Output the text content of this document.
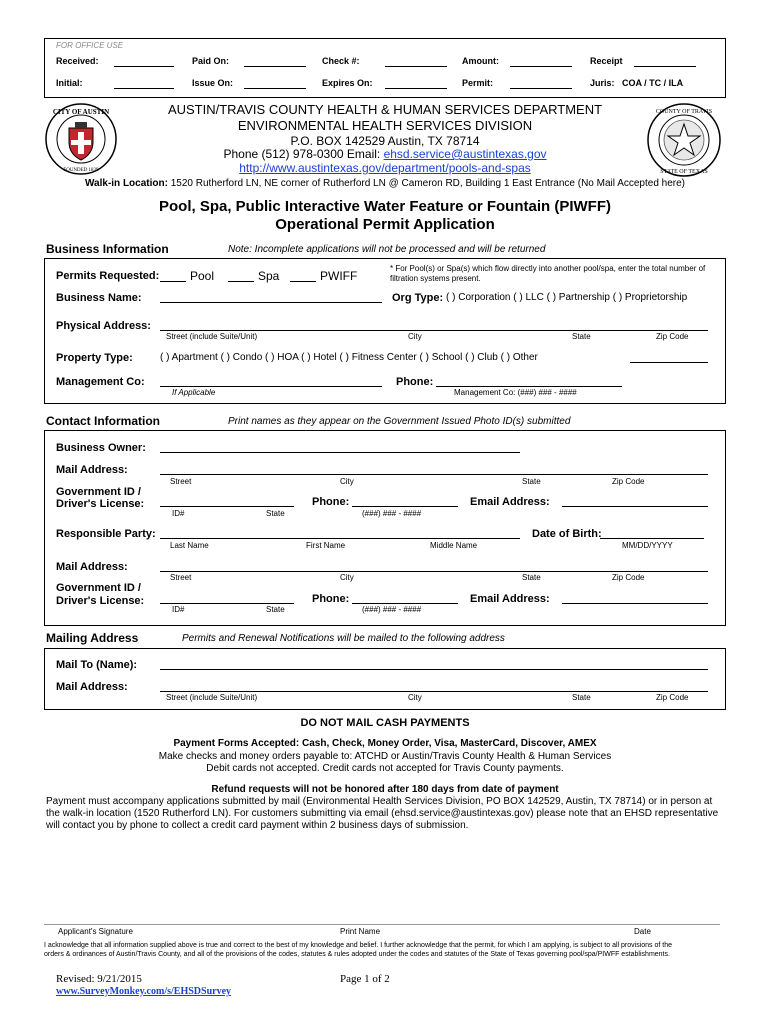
FOR OFFICE USE
Received:	Paid On:	Check #:	Amount:	Receipt
Initial:	Issue On:	Expires On:	Permit:	Juris: COA / TC / ILA
CITY OF AUSTIN
FOUNDED 1839
COUNTY OF TRAVIS
STATE OF TEXAS
AUSTIN/TRAVIS COUNTY HEALTH & HUMAN SERVICES DEPARTMENT
ENVIRONMENTAL HEALTH SERVICES DIVISION
P.O. BOX 142529 Austin, TX 78714
Phone (512) 978-0300 Email: ehsd.service@austintexas.gov
http://www.austintexas.gov/department/pools-and-spas
Walk-in Location: 1520 Rutherford LN, NE corner of Rutherford LN @ Cameron RD, Building 1 East Entrance (No Mail Accepted here)
Pool, Spa, Public Interactive Water Feature or Fountain (PIWFF)
Operational Permit Application
Business Information	Note: Incomplete applications will not be processed and will be returned
Permits Requested:	Pool	Spa	PWIFF
* For Pool(s) or Spa(s) which flow directly into another pool/spa, enter the total number of filtration systems present.
Business Name:	Org Type: ( ) Corporation ( ) LLC ( ) Partnership ( ) Proprietorship
Physical Address:
Street (include Suite/Unit)	City	State	Zip Code
Property Type:	( ) Apartment ( ) Condo ( ) HOA ( ) Hotel ( ) Fitness Center ( ) School ( ) Club ( ) Other
Management Co:
If Applicable
Phone:
Management Co: (###) ### - ####
Contact Information	Print names as they appear on the Government Issued Photo ID(s) submitted
Business Owner:
Mail Address:
Street	City	State	Zip Code
Government ID /
Driver's License:
ID#	State
Phone:
(###) ### - ####
Email Address:
Responsible Party:
Last Name	First Name	Middle Name
Date of Birth:
MM/DD/YYYY
Mail Address:
Street	City	State	Zip Code
Government ID /
Driver's License:
ID#	State
Phone:
(###) ### - ####
Email Address:
Mailing Address	Permits and Renewal Notifications will be mailed to the following address
Mail To (Name):
Mail Address:
Street (include Suite/Unit)	City	State	Zip Code
DO NOT MAIL CASH PAYMENTS
Payment Forms Accepted: Cash, Check, Money Order, Visa, MasterCard, Discover, AMEX
Make checks and money orders payable to: ATCHD or Austin/Travis County Health & Human Services
Debit cards not accepted. Credit cards not accepted for Travis County payments.
Refund requests will not be honored after 180 days from date of payment
Payment must accompany applications submitted by mail (Environmental Health Services Division, PO BOX 142529, Austin, TX 78714) or in person at
the walk-in location (1520 Rutherford LN). For customers submitting via email (ehsd.service@austintexas.gov) please note that an EHSD representative
will contact you by phone to collect a credit card payment within 2 business days of submission.
Applicant's Signature	Print Name	Date
I acknowledge that all information supplied above is true and correct to the best of my knowledge and belief. I further acknowledge that the permit, for which I am applying, is subject to all provisions of the
orders & ordinances of Austin/Travis County, and all of the provisions of the codes, statutes & rules adopted under the codes and statutes of the State of Texas governing pool/spa/PIWFF establishments.
Revised: 9/21/2015	Page 1 of 2
www.SurveyMonkey.com/s/EHSDSurvey
